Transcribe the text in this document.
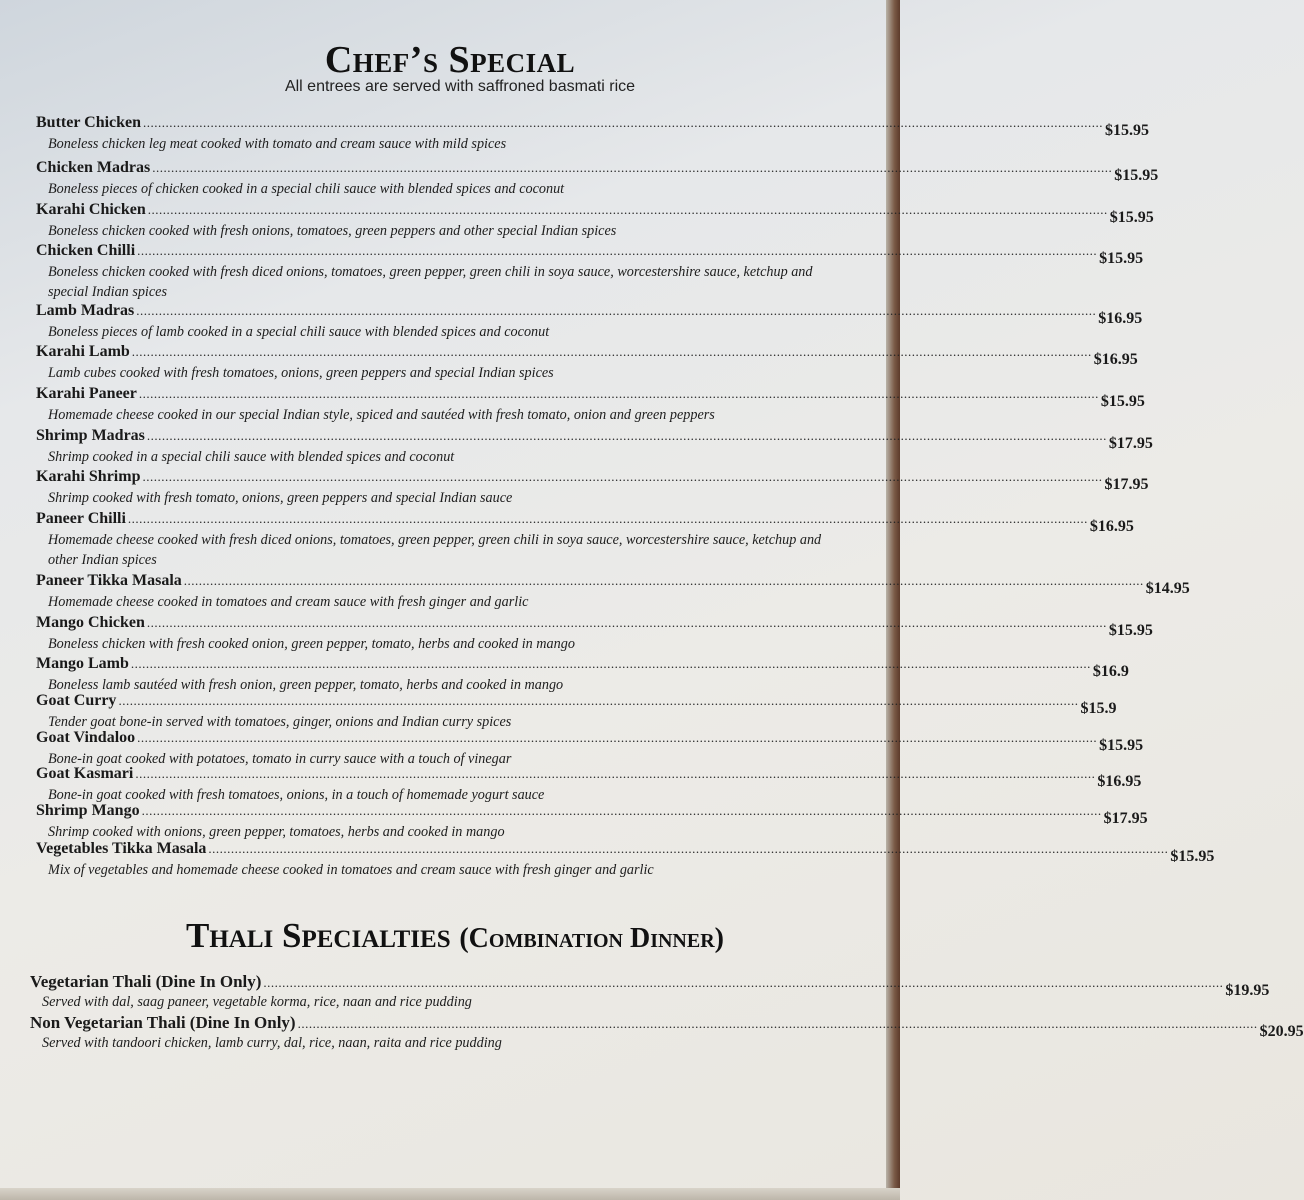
Chef’s Special
All entrees are served with saffroned basmati rice
Butter Chicken ................................................................................................................................................................................................................................................................ $15.95
Boneless chicken leg meat cooked with tomato and cream sauce with mild spices
Chicken Madras ................................................................................................................................................................................................................................................................ $15.95
Boneless pieces of chicken cooked in a special chili sauce with blended spices and coconut
Karahi Chicken ................................................................................................................................................................................................................................................................ $15.95
Boneless chicken cooked with fresh onions, tomatoes, green peppers and other special Indian spices
Chicken Chilli ................................................................................................................................................................................................................................................................ $15.95
Boneless chicken cooked with fresh diced onions, tomatoes, green pepper, green chili in soya sauce, worcestershire sauce, ketchup and special Indian spices
Lamb Madras ................................................................................................................................................................................................................................................................ $16.95
Boneless pieces of lamb cooked in a special chili sauce with blended spices and coconut
Karahi Lamb ................................................................................................................................................................................................................................................................ $16.95
Lamb cubes cooked with fresh tomatoes, onions, green peppers and special Indian spices
Karahi Paneer ................................................................................................................................................................................................................................................................ $15.95
Homemade cheese cooked in our special Indian style, spiced and sautéed with fresh tomato, onion and green peppers
Shrimp Madras ................................................................................................................................................................................................................................................................ $17.95
Shrimp cooked in a special chili sauce with blended spices and coconut
Karahi Shrimp ................................................................................................................................................................................................................................................................ $17.95
Shrimp cooked with fresh tomato, onions, green peppers and special Indian sauce
Paneer Chilli ................................................................................................................................................................................................................................................................ $16.95
Homemade cheese cooked with fresh diced onions, tomatoes, green pepper, green chili in soya sauce, worcestershire sauce, ketchup and other Indian spices
Paneer Tikka Masala ................................................................................................................................................................................................................................................................ $14.95
Homemade cheese cooked in tomatoes and cream sauce with fresh ginger and garlic
Mango Chicken ................................................................................................................................................................................................................................................................ $15.95
Boneless chicken with fresh cooked onion, green pepper, tomato, herbs and cooked in mango
Mango Lamb ................................................................................................................................................................................................................................................................ $16.9
Boneless lamb sautéed with fresh onion, green pepper, tomato, herbs and cooked in mango
Goat Curry ................................................................................................................................................................................................................................................................ $15.9
Tender goat bone-in served with tomatoes, ginger, onions and Indian curry spices
Goat Vindaloo ................................................................................................................................................................................................................................................................ $15.95
Bone-in goat cooked with potatoes, tomato in curry sauce with a touch of vinegar
Goat Kasmari ................................................................................................................................................................................................................................................................ $16.95
Bone-in goat cooked with fresh tomatoes, onions, in a touch of homemade yogurt sauce
Shrimp Mango ................................................................................................................................................................................................................................................................ $17.95
Shrimp cooked with onions, green pepper, tomatoes, herbs and cooked in mango
Vegetables Tikka Masala ................................................................................................................................................................................................................................................................ $15.95
Mix of vegetables and homemade cheese cooked in tomatoes and cream sauce with fresh ginger and garlic
Thali Specialties (Combination Dinner)
Vegetarian Thali (Dine In Only) ................................................................................................................................................................................................................................................................ $19.95
Served with dal, saag paneer, vegetable korma, rice, naan and rice pudding
Non Vegetarian Thali (Dine In Only) ................................................................................................................................................................................................................................................................ $20.95
Served with tandoori chicken, lamb curry, dal, rice, naan, raita and rice pudding
